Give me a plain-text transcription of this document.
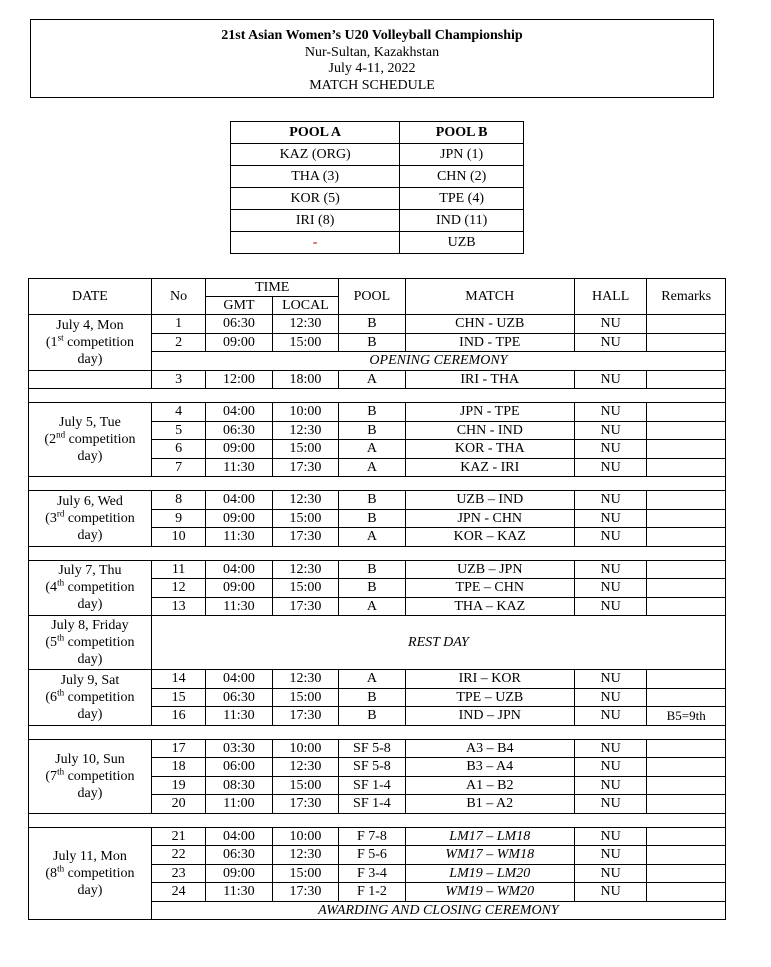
21st Asian Women’s U20 Volleyball Championship
Nur-Sultan, Kazakhstan
July 4-11, 2022
MATCH SCHEDULE
POOL A	POOL B
KAZ (ORG)	JPN (1)
THA (3)	CHN (2)
KOR (5)	TPE (4)
IRI (8)	IND (11)
-	UZB
DATE	No	TIME		POOL	MATCH	HALL	Remarks
		GMT	LOCAL				
July 4, Mon
(1st competition
day)	1	06:30	12:30	B	CHN - UZB	NU	
	2	09:00	15:00	B	IND - TPE	NU	
	OPENING CEREMONY						
	3	12:00	18:00	A	IRI - THA	NU	

July 5, Tue
(2nd competition
day)	4	04:00	10:00	B	JPN - TPE	NU	
	5	06:30	12:30	B	CHN - IND	NU	
	6	09:00	15:00	A	KOR - THA	NU	
	7	11:30	17:30	A	KAZ - IRI	NU	

July 6, Wed
(3rd competition
day)	8	04:00	12:30	B	UZB – IND	NU	
	9	09:00	15:00	B	JPN - CHN	NU	
	10	11:30	17:30	A	KOR – KAZ	NU	

July 7, Thu
(4th competition
day)	11	04:00	12:30	B	UZB – JPN	NU	
	12	09:00	15:00	B	TPE – CHN	NU	
	13	11:30	17:30	A	THA – KAZ	NU	
July 8, Friday
(5th competition
day)	REST DAY						
July 9, Sat
(6th competition
day)	14	04:00	12:30	A	IRI – KOR	NU	
	15	06:30	15:00	B	TPE – UZB	NU	
	16	11:30	17:30	B	IND – JPN	NU	B5=9th

July 10, Sun
(7th competition
day)	17	03:30	10:00	SF 5-8	A3 – B4	NU	
	18	06:00	12:30	SF 5-8	B3 – A4	NU	
	19	08:30	15:00	SF 1-4	A1 – B2	NU	
	20	11:00	17:30	SF 1-4	B1 – A2	NU	

July 11, Mon
(8th competition
day)	21	04:00	10:00	F 7-8	LM17 – LM18	NU	
	22	06:30	12:30	F 5-6	WM17 – WM18	NU	
	23	09:00	15:00	F 3-4	LM19 – LM20	NU	
	24	11:30	17:30	F 1-2	WM19 – WM20	NU	
	AWARDING AND CLOSING CEREMONY						
